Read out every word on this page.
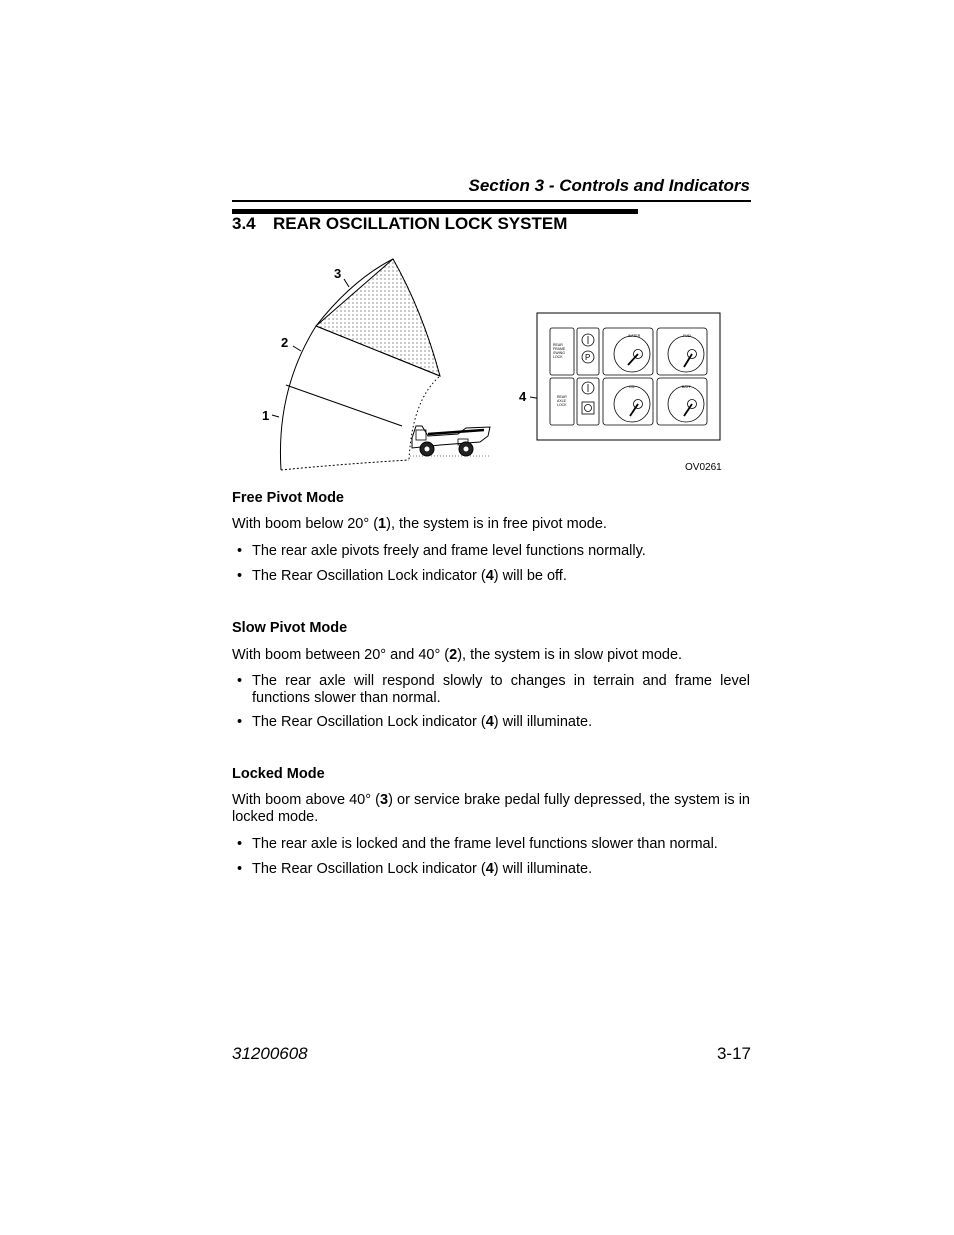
Section 3 - Controls and Indicators
3.4 REAR OSCILLATION LOCK SYSTEM
3
2
1
4
REAR
FRAME
SWING
LOCK
REAR
AXLE
LOCK
P
WATER	FUEL
OIL	BATT
OV0261
Free Pivot Mode
With boom below 20° (1), the system is in free pivot mode.
• The rear axle pivots freely and frame level functions normally.
• The Rear Oscillation Lock indicator (4) will be off.
Slow Pivot Mode
With boom between 20° and 40° (2), the system is in slow pivot mode.
• The rear axle will respond slowly to changes in terrain and frame level functions slower than normal.
• The Rear Oscillation Lock indicator (4) will illuminate.
Locked Mode
With boom above 40° (3) or service brake pedal fully depressed, the system is in locked mode.
• The rear axle is locked and the frame level functions slower than normal.
• The Rear Oscillation Lock indicator (4) will illuminate.
31200608	3-17
